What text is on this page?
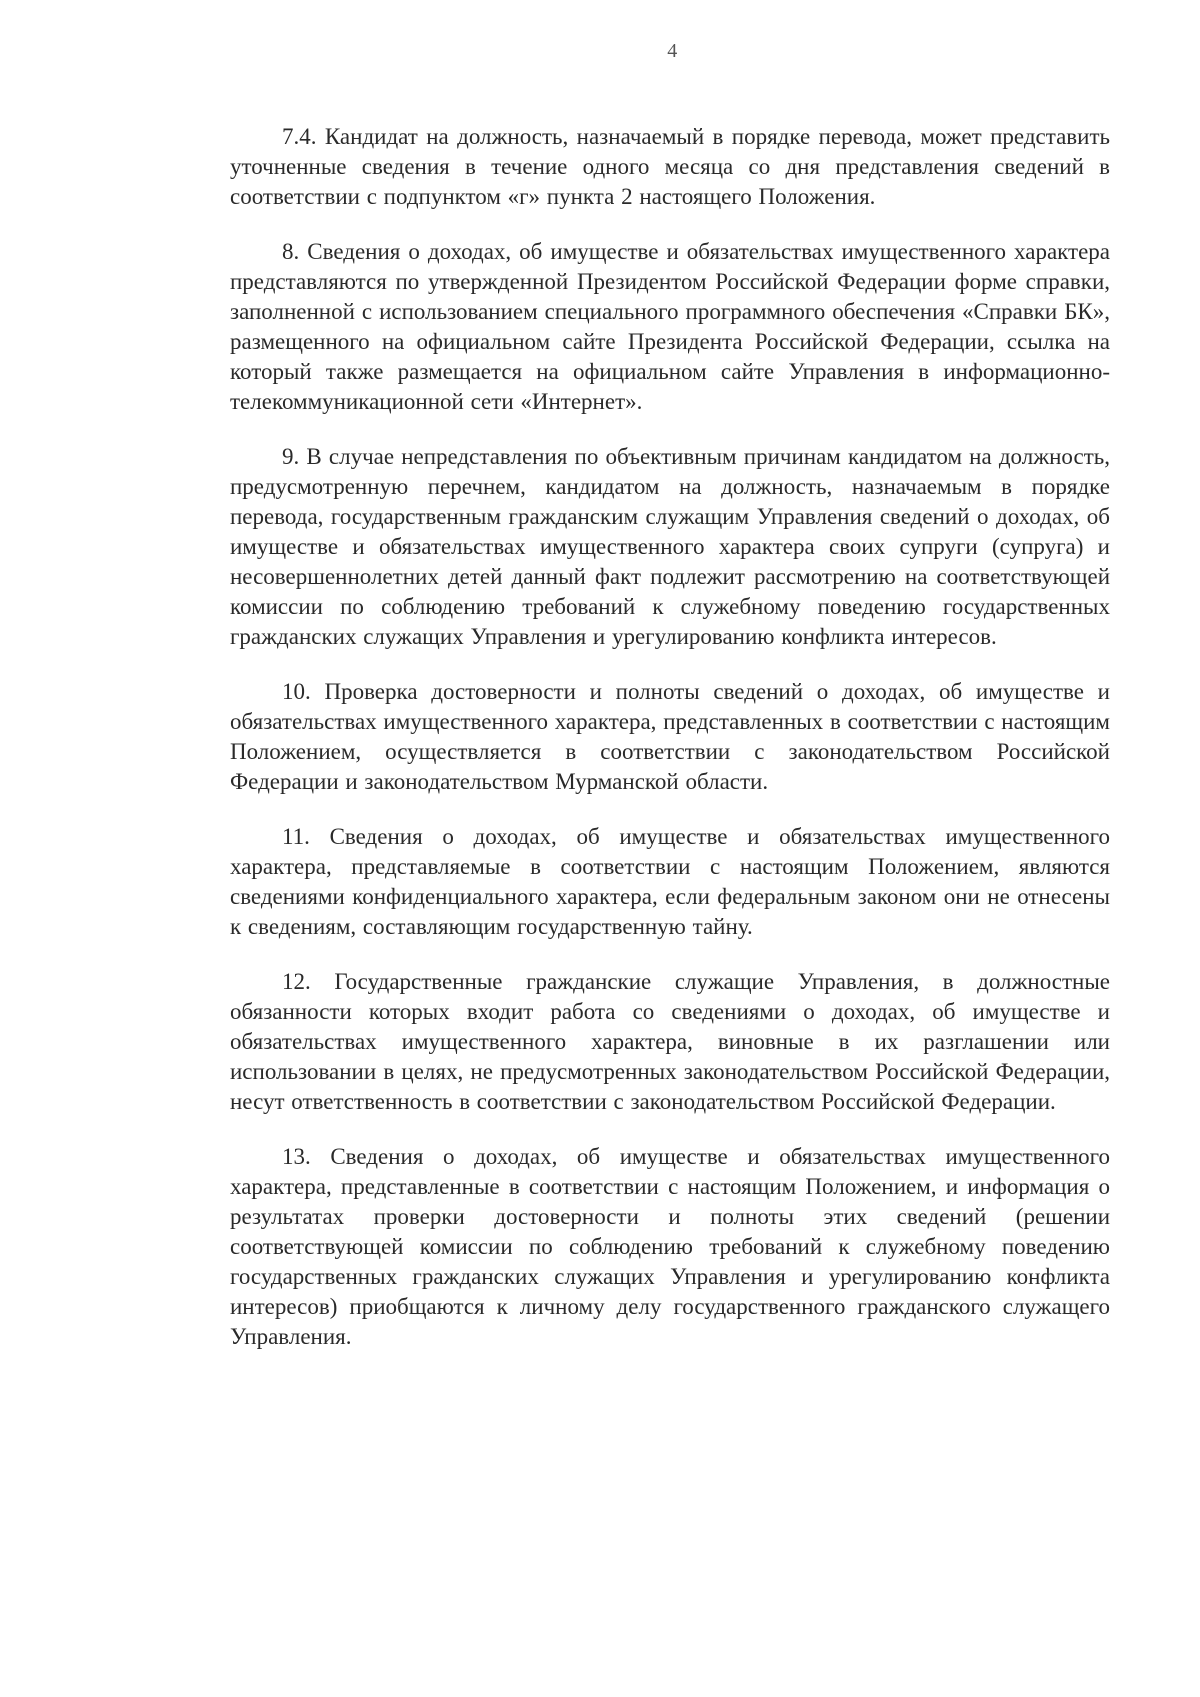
4

7.4. Кандидат на должность, назначаемый в порядке перевода, может представить уточненные сведения в течение одного месяца со дня представления сведений в соответствии с подпунктом «г» пункта 2 настоящего Положения.

8. Сведения о доходах, об имуществе и обязательствах имущественного характера представляются по утвержденной Президентом Российской Федерации форме справки, заполненной с использованием специального программного обеспечения «Справки БК», размещенного на официальном сайте Президента Российской Федерации, ссылка на который также размещается на официальном сайте Управления в информационно-телекоммуникационной сети «Интернет».

9. В случае непредставления по объективным причинам кандидатом на должность, предусмотренную перечнем, кандидатом на должность, назначаемым в порядке перевода, государственным гражданским служащим Управления сведений о доходах, об имуществе и обязательствах имущественного характера своих супруги (супруга) и несовершеннолетних детей данный факт подлежит рассмотрению на соответствующей комиссии по соблюдению требований к служебному поведению государственных гражданских служащих Управления и урегулированию конфликта интересов.

10. Проверка достоверности и полноты сведений о доходах, об имуществе и обязательствах имущественного характера, представленных в соответствии с настоящим Положением, осуществляется в соответствии с законодательством Российской Федерации и законодательством Мурманской области.

11. Сведения о доходах, об имуществе и обязательствах имущественного характера, представляемые в соответствии с настоящим Положением, являются сведениями конфиденциального характера, если федеральным законом они не отнесены к сведениям, составляющим государственную тайну.

12. Государственные гражданские служащие Управления, в должностные обязанности которых входит работа со сведениями о доходах, об имуществе и обязательствах имущественного характера, виновные в их разглашении или использовании в целях, не предусмотренных законодательством Российской Федерации, несут ответственность в соответствии с законодательством Российской Федерации.

13. Сведения о доходах, об имуществе и обязательствах имущественного характера, представленные в соответствии с настоящим Положением, и информация о результатах проверки достоверности и полноты этих сведений (решении соответствующей комиссии по соблюдению требований к служебному поведению государственных гражданских служащих Управления и урегулированию конфликта интересов) приобщаются к личному делу государственного гражданского служащего Управления.
